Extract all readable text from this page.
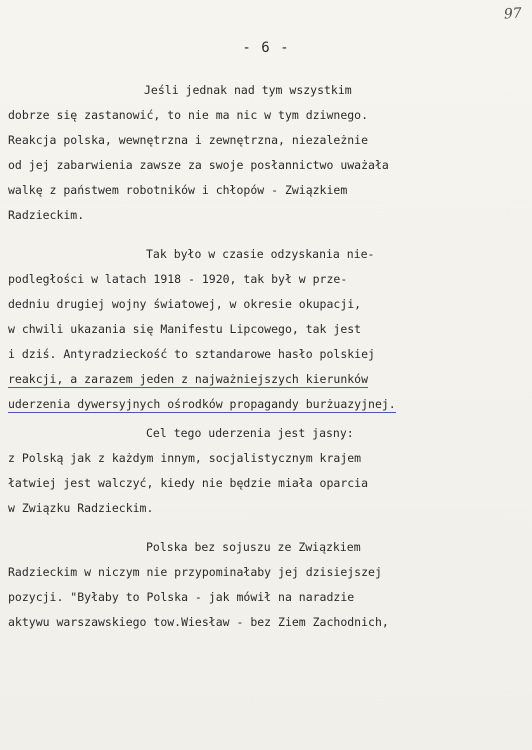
97
- 6 -
Jeśli jednak nad tym wszystkim
dobrze się zastanowić, to nie ma nic w tym dziwnego.
Reakcja polska, wewnętrzna i zewnętrzna, niezależnie
od jej zabarwienia zawsze za swoje posłannictwo uważała
walkę z państwem robotników i chłopów - Związkiem
Radzieckim.
Tak było w czasie odzyskania nie-
podległości w latach 1918 - 1920, tak był w prze-
dedniu drugiej wojny światowej, w okresie okupacji,
w chwili ukazania się Manifestu Lipcowego, tak jest
i dziś. Antyradzieckość to sztandarowe hasło polskiej
reakcji, a zarazem jeden z najważniejszych kierunków
uderzenia dywersyjnych ośrodków propagandy burżuazyjnej.
Cel tego uderzenia jest jasny:
z Polską jak z każdym innym, socjalistycznym krajem
łatwiej jest walczyć, kiedy nie będzie miała oparcia
w Związku Radzieckim.
Polska bez sojuszu ze Związkiem
Radzieckim w niczym nie przypominałaby jej dzisiejszej
pozycji. "Byłaby to Polska - jak mówił na naradzie
aktywu warszawskiego tow.Wiesław - bez Ziem Zachodnich,
